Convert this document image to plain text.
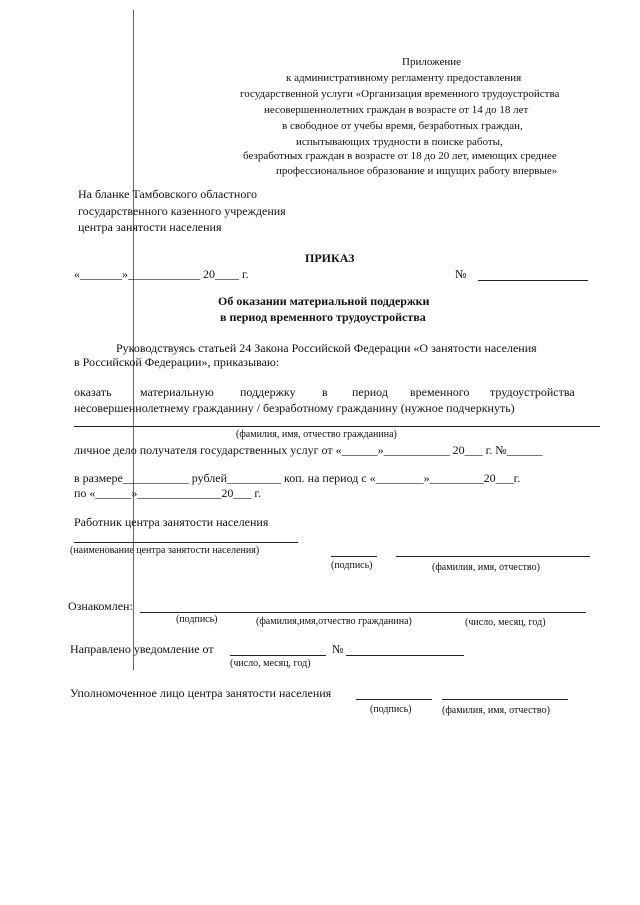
Приложение
к административному регламенту предоставления
государственной услуги «Организация временного трудоустройства
несовершеннолетних граждан в возрасте от 14 до 18 лет
в свободное от учебы время, безработных граждан,
испытывающих трудности в поиске работы,
безработных граждан в возрасте от 18 до 20 лет, имеющих среднее
профессиональное образование и ищущих работу впервые»
На бланке Тамбовского областного
государственного казенного учреждения
центра занятости населения
ПРИКАЗ
«_______»____________ 20____ г.	№
Об оказании материальной поддержки
в период временного трудоустройства
Руководствуясь статьей 24 Закона Российской Федерации «О занятости населения
в Российской Федерации», приказываю:
оказать материальную поддержку в период временного трудоустройства
несовершеннолетнему гражданину / безработному гражданину (нужное подчеркнуть)
(фамилия, имя, отчество гражданина)
личное дело получателя государственных услуг от «______»___________ 20___ г. №______
в размере___________ рублей_________ коп. на период с «________»_________20___г.
по «______»______________20___ г.
Работник центра занятости населения
(наименование центра занятости населения)
(подпись)	(фамилия, имя, отчество)
Ознакомлен:
(подпись)	(фамилия,имя,отчество гражданина)	(число, месяц, год)
Направлено уведомление от	№
(число, месяц, год)
Уполномоченное лицо центра занятости населения
(подпись)	(фамилия, имя, отчество)
